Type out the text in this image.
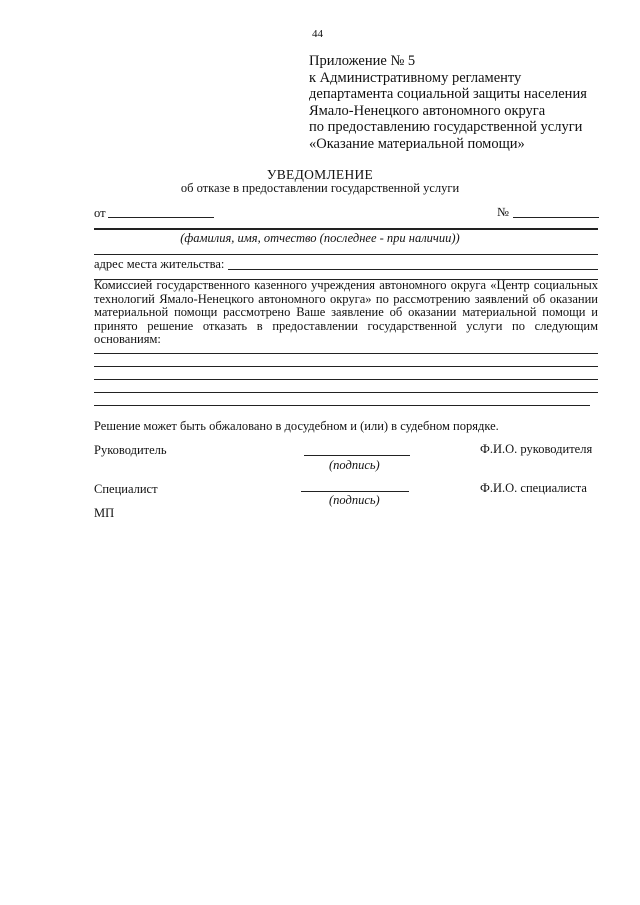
44
Приложение № 5
к Административному регламенту
департамента социальной защиты населения
Ямало-Ненецкого автономного округа
по предоставлению государственной услуги
«Оказание материальной помощи»
УВЕДОМЛЕНИЕ
об отказе в предоставлении государственной услуги
от	№
(фамилия, имя, отчество (последнее - при наличии))
адрес места жительства:
Комиссией государственного казенного учреждения автономного округа «Центр социальных технологий Ямало-Ненецкого автономного округа» по рассмотрению заявлений об оказании материальной помощи рассмотрено Ваше заявление об оказании материальной помощи и принято решение отказать в предоставлении государственной услуги по следующим основаниям:
Решение может быть обжаловано в досудебном и (или) в судебном порядке.
Руководитель
(подпись)
Ф.И.О. руководителя
Специалист
(подпись)
Ф.И.О. специалиста
МП
